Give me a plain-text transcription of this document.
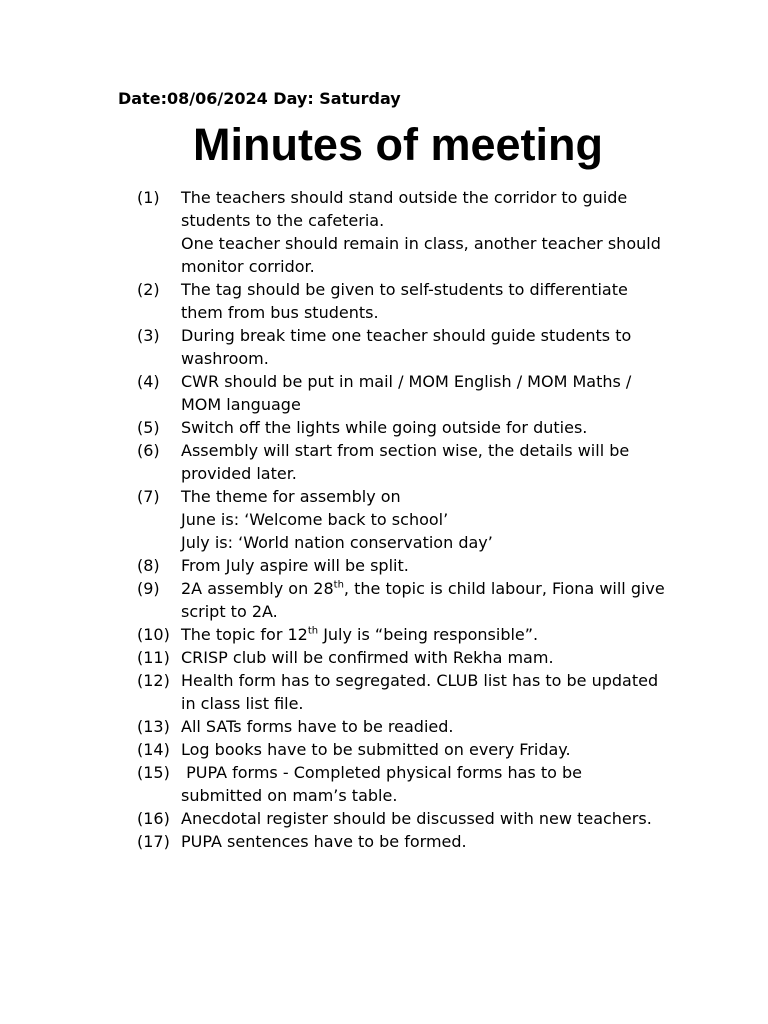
Date:08/06/2024 Day: Saturday
Minutes of meeting
(1)	The teachers should stand outside the corridor to guide
students to the cafeteria.
One teacher should remain in class, another teacher should
monitor corridor.
(2)	The tag should be given to self-students to differentiate
them from bus students.
(3)	During break time one teacher should guide students to
washroom.
(4)	CWR should be put in mail / MOM English / MOM Maths /
MOM language
(5)	Switch off the lights while going outside for duties.
(6)	Assembly will start from section wise, the details will be
provided later.
(7)	The theme for assembly on
June is: ‘Welcome back to school’
July is: ‘World nation conservation day’
(8)	From July aspire will be split.
(9)	2A assembly on 28th, the topic is child labour, Fiona will give
script to 2A.
(10) The topic for 12th July is “being responsible”.
(11) CRISP club will be confirmed with Rekha mam.
(12) Health form has to segregated. CLUB list has to be updated
in class list file.
(13) All SATs forms have to be readied.
(14) Log books have to be submitted on every Friday.
(15) PUPA forms - Completed physical forms has to be
submitted on mam’s table.
(16) Anecdotal register should be discussed with new teachers.
(17) PUPA sentences have to be formed.
